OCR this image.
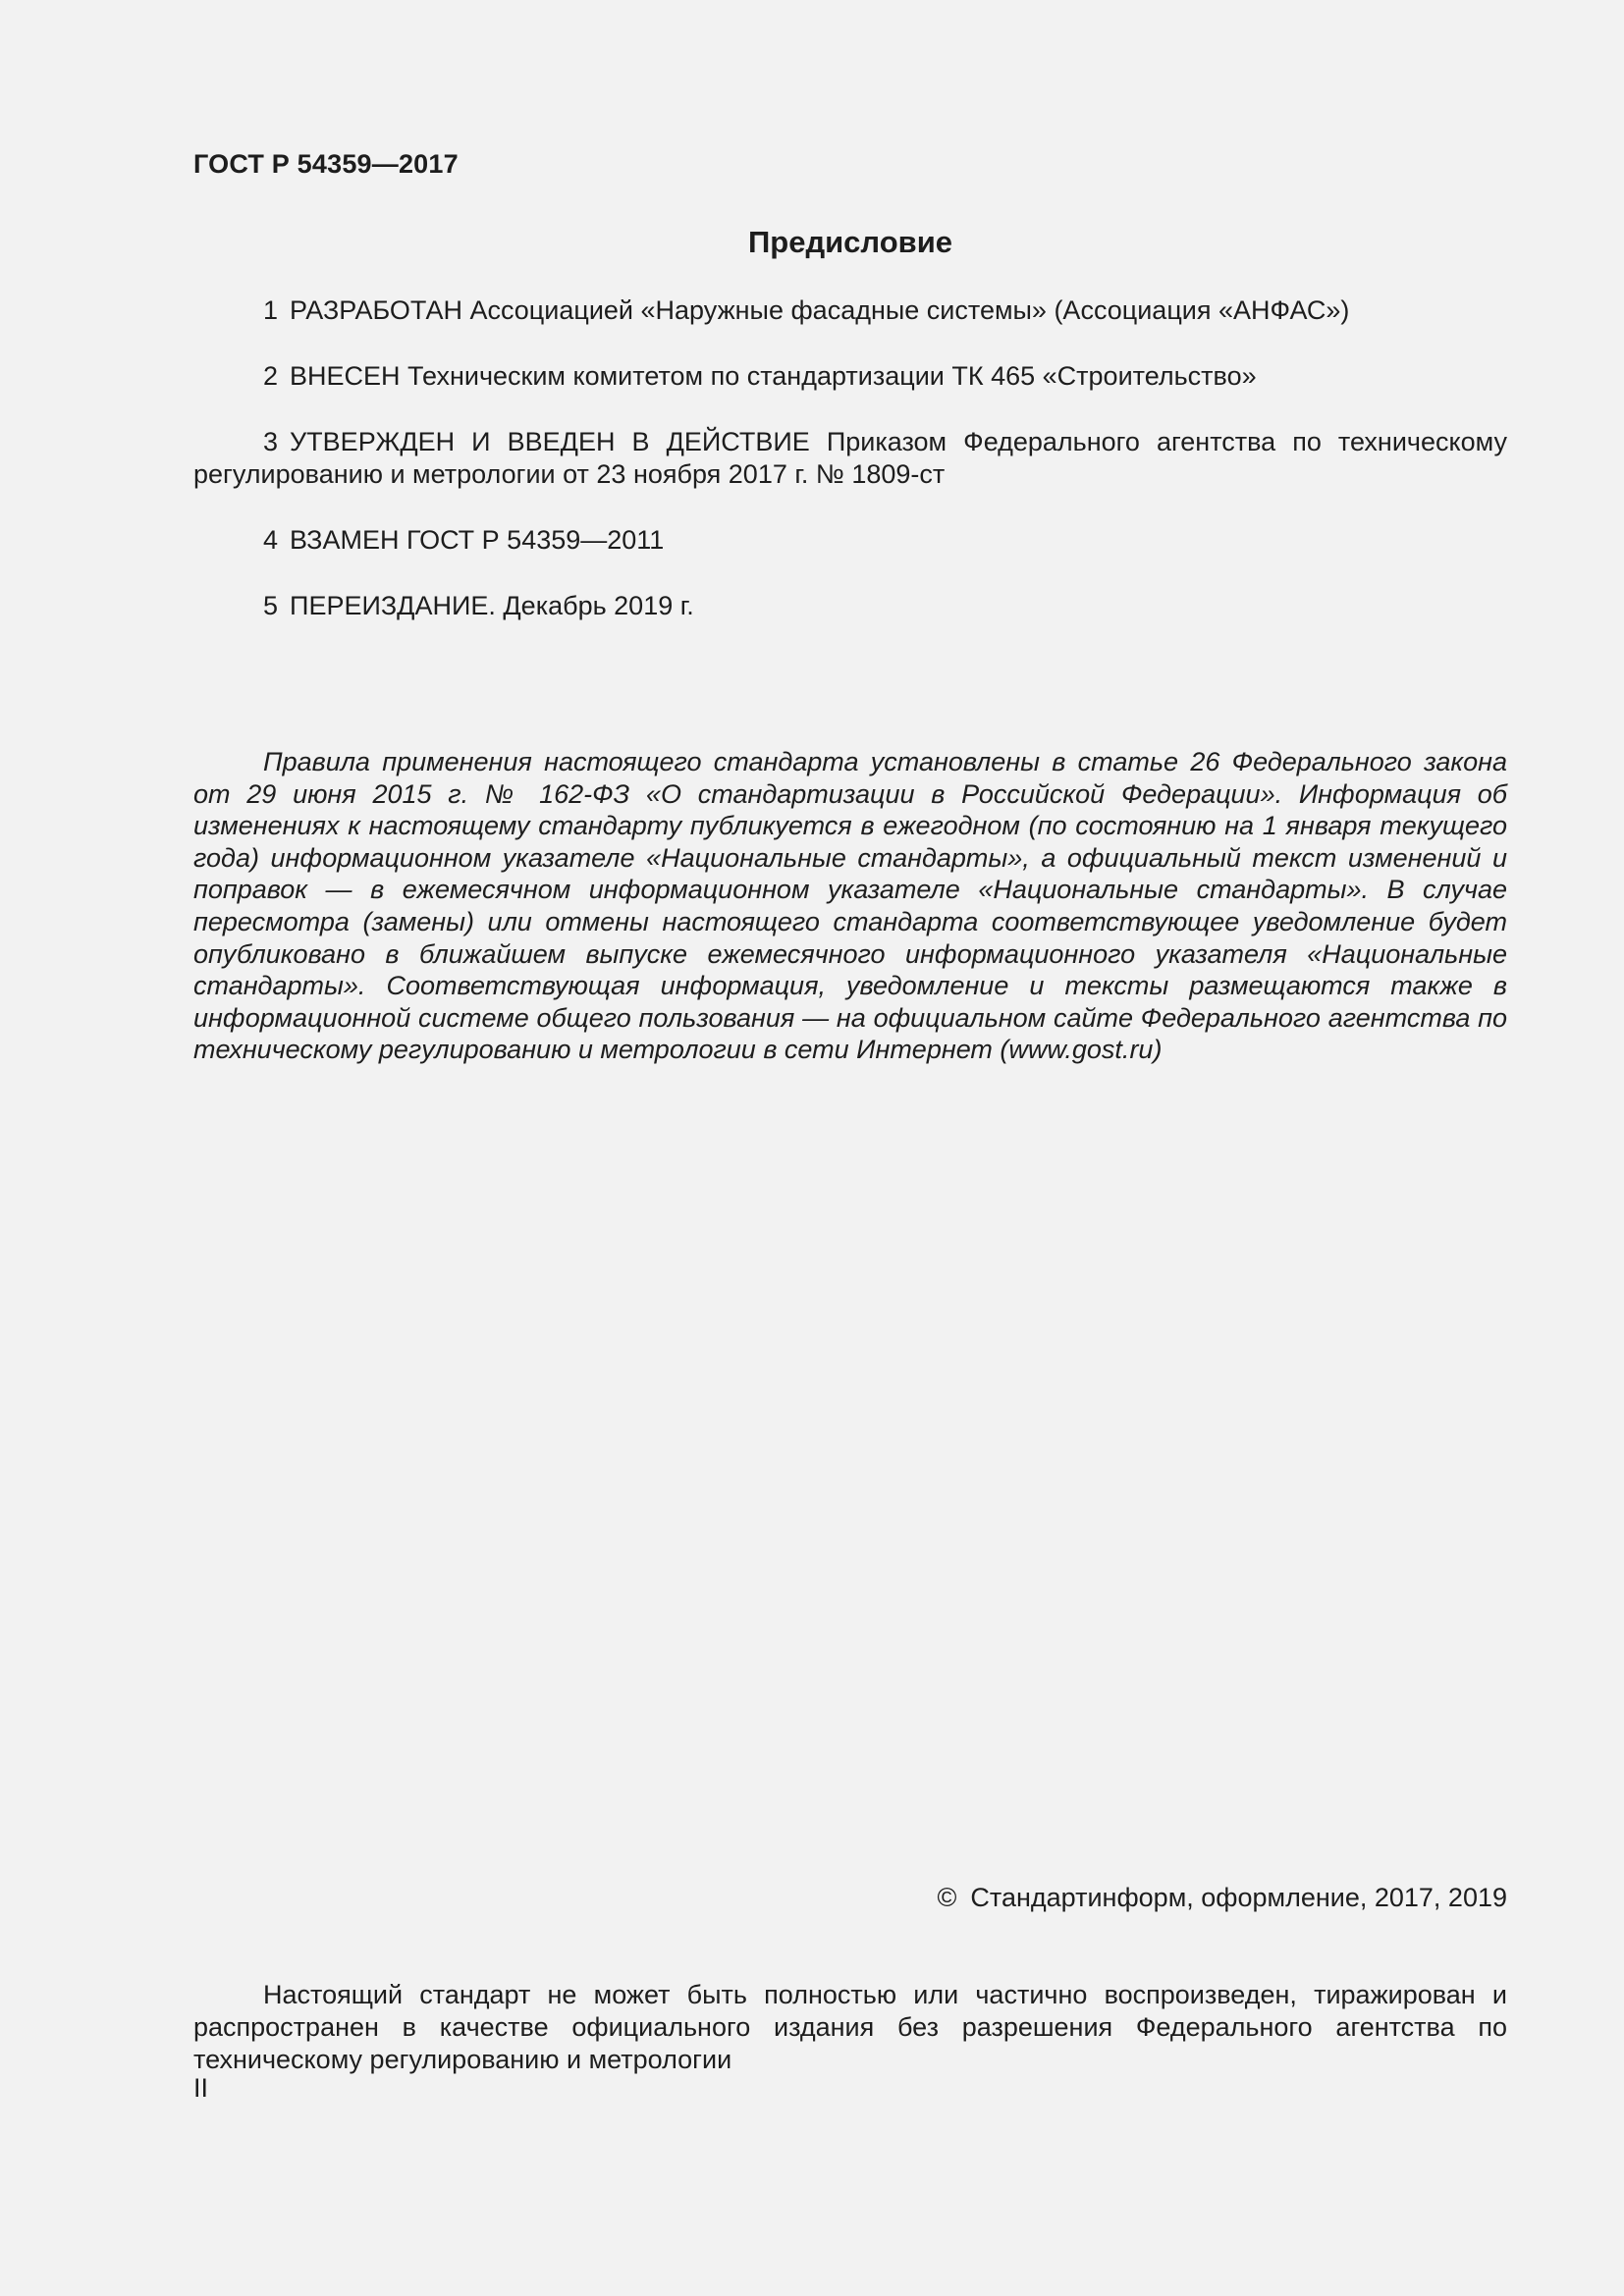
ГОСТ Р 54359—2017
Предисловие

1 РАЗРАБОТАН Ассоциацией «Наружные фасадные системы» (Ассоциация «АНФАС»)

2 ВНЕСЕН Техническим комитетом по стандартизации ТК 465 «Строительство»

3 УТВЕРЖДЕН И ВВЕДЕН В ДЕЙСТВИЕ Приказом Федерального агентства по техническому регулированию и метрологии от 23 ноября 2017 г. № 1809-ст

4 ВЗАМЕН ГОСТ Р 54359—2011

5 ПЕРЕИЗДАНИЕ. Декабрь 2019 г.

Правила применения настоящего стандарта установлены в статье 26 Федерального закона от 29 июня 2015 г. № 162-ФЗ «О стандартизации в Российской Федерации». Информация об изменениях к настоящему стандарту публикуется в ежегодном (по состоянию на 1 января текущего года) информационном указателе «Национальные стандарты», а официальный текст изменений и поправок — в ежемесячном информационном указателе «Национальные стандарты». В случае пересмотра (замены) или отмены настоящего стандарта соответствующее уведомление будет опубликовано в ближайшем выпуске ежемесячного информационного указателя «Национальные стандарты». Соответствующая информация, уведомление и тексты размещаются также в информационной системе общего пользования — на официальном сайте Федерального агентства по техническому регулированию и метрологии в сети Интернет (www.gost.ru)

© Стандартинформ, оформление, 2017, 2019

Настоящий стандарт не может быть полностью или частично воспроизведен, тиражирован и распространен в качестве официального издания без разрешения Федерального агентства по техническому регулированию и метрологии

II
